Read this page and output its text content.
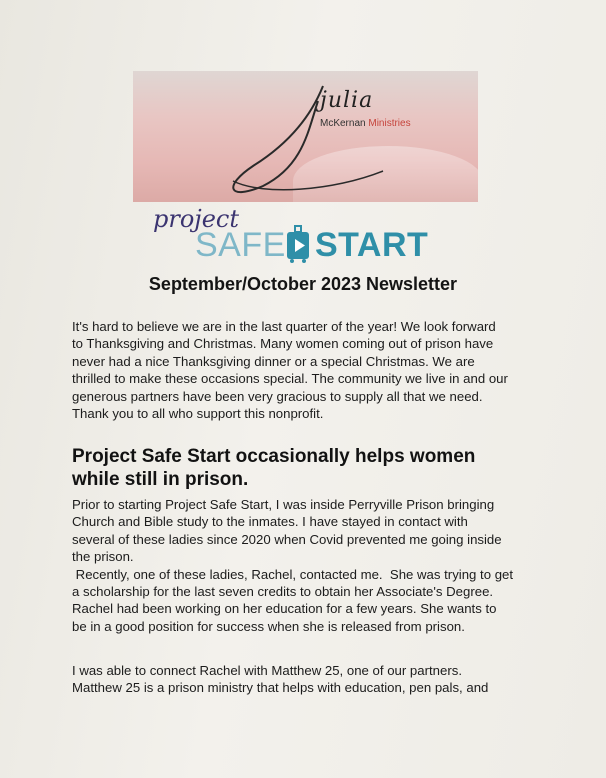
julia
McKernan Ministries
project
SAFE START
September/October 2023 Newsletter
It's hard to believe we are in the last quarter of the year! We look forward
to Thanksgiving and Christmas. Many women coming out of prison have
never had a nice Thanksgiving dinner or a special Christmas. We are
thrilled to make these occasions special. The community we live in and our
generous partners have been very gracious to supply all that we need.
Thank you to all who support this nonprofit.
Project Safe Start occasionally helps women
while still in prison.
Prior to starting Project Safe Start, I was inside Perryville Prison bringing
Church and Bible study to the inmates. I have stayed in contact with
several of these ladies since 2020 when Covid prevented me going inside
the prison.
Recently, one of these ladies, Rachel, contacted me.  She was trying to get
a scholarship for the last seven credits to obtain her Associate's Degree.
Rachel had been working on her education for a few years. She wants to
be in a good position for success when she is released from prison.
I was able to connect Rachel with Matthew 25, one of our partners.
Matthew 25 is a prison ministry that helps with education, pen pals, and
